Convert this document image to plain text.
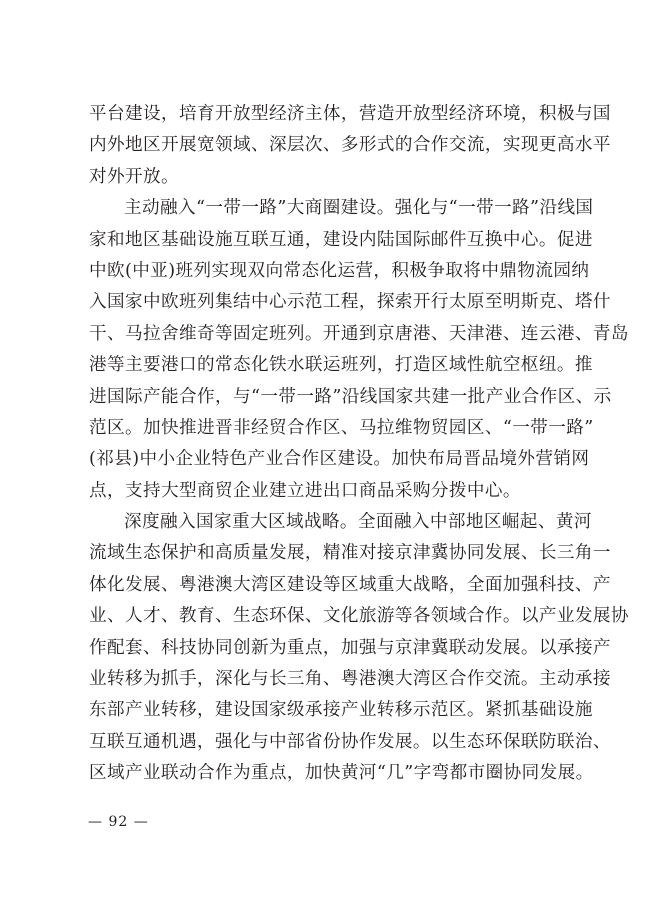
平台建设，培育开放型经济主体，营造开放型经济环境，积极与国
内外地区开展宽领域、深层次、多形式的合作交流，实现更高水平
对外开放。
主动融入“一带一路”大商圈建设。强化与“一带一路”沿线国
家和地区基础设施互联互通，建设内陆国际邮件互换中心。促进
中欧(中亚)班列实现双向常态化运营，积极争取将中鼎物流园纳
入国家中欧班列集结中心示范工程，探索开行太原至明斯克、塔什
干、马拉舍维奇等固定班列。开通到京唐港、天津港、连云港、青岛
港等主要港口的常态化铁水联运班列，打造区域性航空枢纽。推
进国际产能合作，与“一带一路”沿线国家共建一批产业合作区、示
范区。加快推进晋非经贸合作区、马拉维物贸园区、“一带一路”
(祁县)中小企业特色产业合作区建设。加快布局晋品境外营销网
点，支持大型商贸企业建立进出口商品采购分拨中心。
深度融入国家重大区域战略。全面融入中部地区崛起、黄河
流域生态保护和高质量发展，精准对接京津冀协同发展、长三角一
体化发展、粤港澳大湾区建设等区域重大战略，全面加强科技、产
业、人才、教育、生态环保、文化旅游等各领域合作。以产业发展协
作配套、科技协同创新为重点，加强与京津冀联动发展。以承接产
业转移为抓手，深化与长三角、粤港澳大湾区合作交流。主动承接
东部产业转移，建设国家级承接产业转移示范区。紧抓基础设施
互联互通机遇，强化与中部省份协作发展。以生态环保联防联治、
区域产业联动合作为重点，加快黄河“几”字弯都市圈协同发展。
— 92 —
